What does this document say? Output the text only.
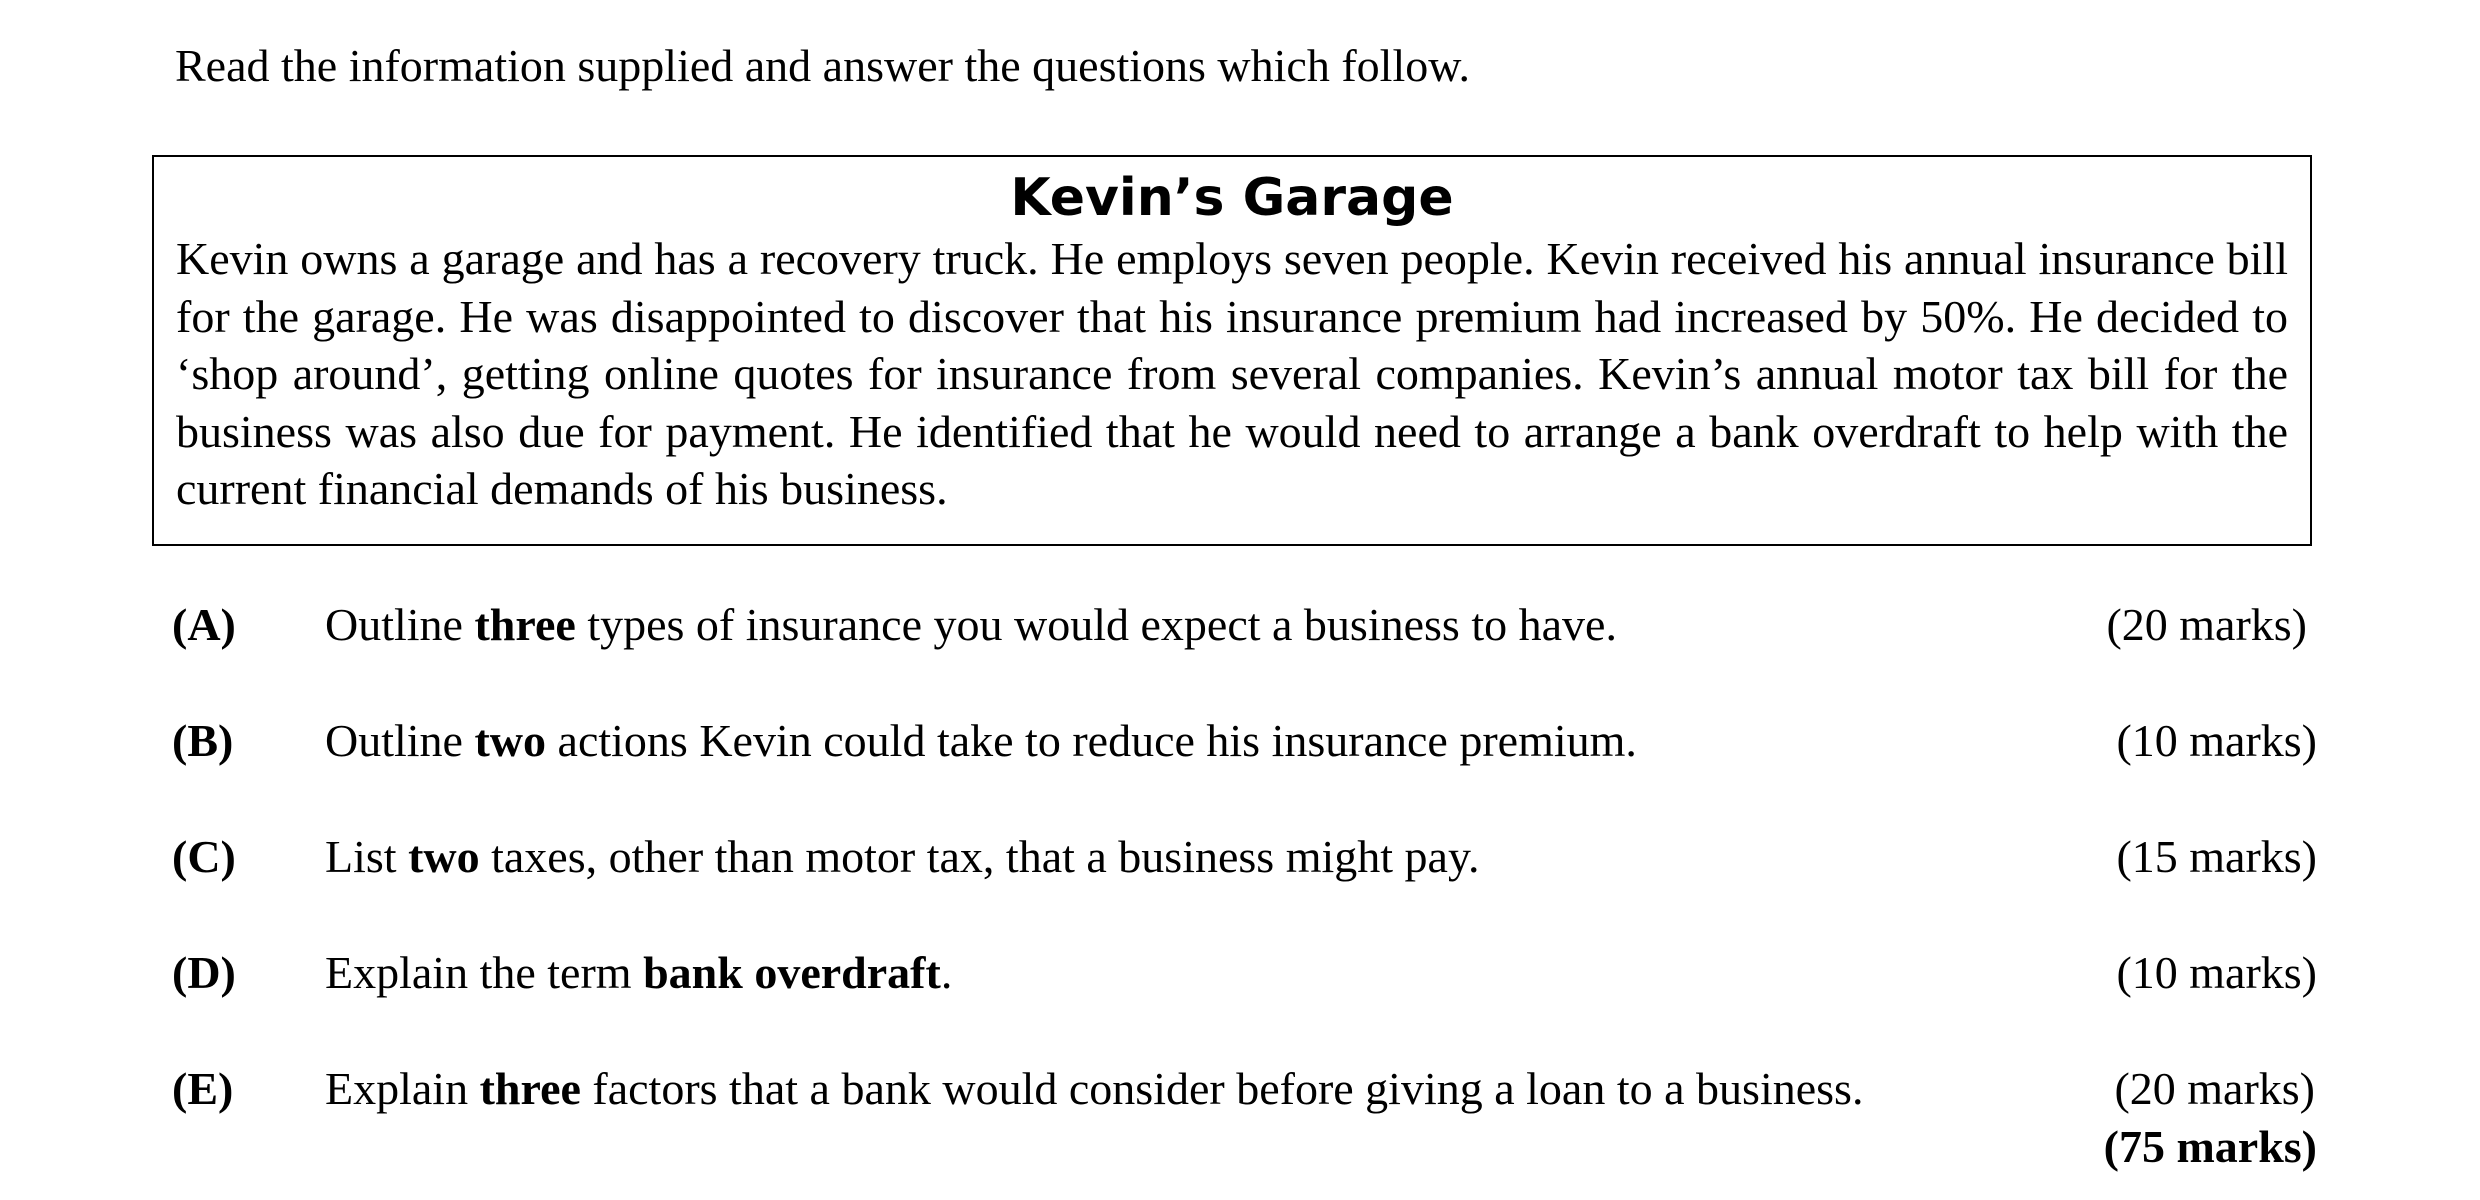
Read the information supplied and answer the questions which follow.
Kevin’s Garage
Kevin owns a garage and has a recovery truck. He employs seven people. Kevin received his annual insurance bill for the garage. He was disappointed to discover that his insurance premium had increased by 50%. He decided to ‘shop around’, getting online quotes for insurance from several companies. Kevin’s annual motor tax bill for the business was also due for payment. He identified that he would need to arrange a bank overdraft to help with the current financial demands of his business.
(A) Outline three types of insurance you would expect a business to have.	(20 marks)
(B) Outline two actions Kevin could take to reduce his insurance premium.	(10 marks)
(C) List two taxes, other than motor tax, that a business might pay.	(15 marks)
(D) Explain the term bank overdraft.	(10 marks)
(E) Explain three factors that a bank would consider before giving a loan to a business.	(20 marks)
(75 marks)
